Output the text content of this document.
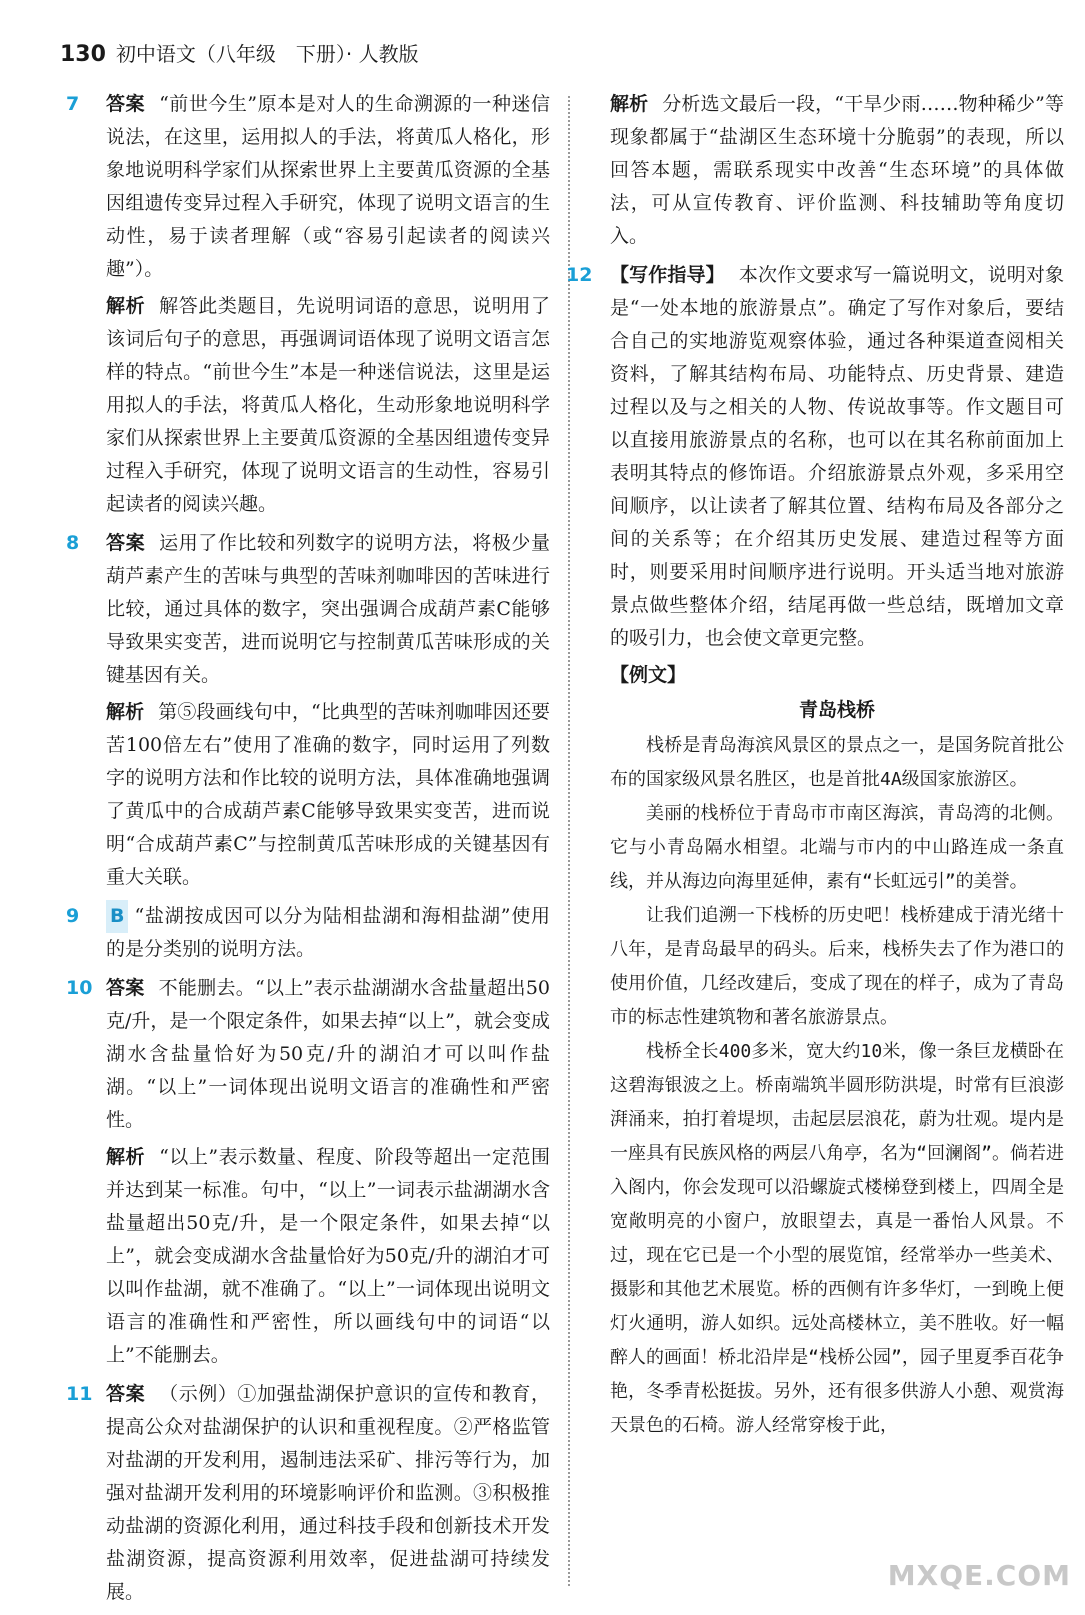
130 初中语文（八年级　下册）· 人教版
7 答案 “前世今生”原本是对人的生命溯源的一种迷信说法，在这里，运用拟人的手法，将黄瓜人格化，形象地说明科学家们从探索世界上主要黄瓜资源的全基因组遗传变异过程入手研究，体现了说明文语言的生动性，易于读者理解（或“容易引起读者的阅读兴趣”）。

解析 解答此类题目，先说明词语的意思，说明用了该词后句子的意思，再强调词语体现了说明文语言怎样的特点。“前世今生”本是一种迷信说法，这里是运用拟人的手法，将黄瓜人格化，生动形象地说明科学家们从探索世界上主要黄瓜资源的全基因组遗传变异过程入手研究，体现了说明文语言的生动性，容易引起读者的阅读兴趣。

8 答案 运用了作比较和列数字的说明方法，将极少量葫芦素产生的苦味与典型的苦味剂咖啡因的苦味进行比较，通过具体的数字，突出强调合成葫芦素C能够导致果实变苦，进而说明它与控制黄瓜苦味形成的关键基因有关。

解析 第⑤段画线句中，“比典型的苦味剂咖啡因还要苦100倍左右”使用了准确的数字，同时运用了列数字的说明方法和作比较的说明方法，具体准确地强调了黄瓜中的合成葫芦素C能够导致果实变苦，进而说明“合成葫芦素C”与控制黄瓜苦味形成的关键基因有重大关联。

9 B “盐湖按成因可以分为陆相盐湖和海相盐湖”使用的是分类别的说明方法。

10 答案 不能删去。“以上”表示盐湖湖水含盐量超出50克/升，是一个限定条件，如果去掉“以上”，就会变成湖水含盐量恰好为50克/升的湖泊才可以叫作盐湖。“以上”一词体现出说明文语言的准确性和严密性。

解析 “以上”表示数量、程度、阶段等超出一定范围并达到某一标准。句中，“以上”一词表示盐湖湖水含盐量超出50克/升，是一个限定条件，如果去掉“以上”，就会变成湖水含盐量恰好为50克/升的湖泊才可以叫作盐湖，就不准确了。“以上”一词体现出说明文语言的准确性和严密性，所以画线句中的词语“以上”不能删去。

11 答案 （示例）①加强盐湖保护意识的宣传和教育，提高公众对盐湖保护的认识和重视程度。②严格监管对盐湖的开发利用，遏制违法采矿、排污等行为，加强对盐湖开发利用的环境影响评价和监测。③积极推动盐湖的资源化利用，通过科技手段和创新技术开发盐湖资源，提高资源利用效率，促进盐湖可持续发展。

解析 分析选文最后一段，“干旱少雨……物种稀少”等现象都属于“盐湖区生态环境十分脆弱”的表现，所以回答本题，需联系现实中改善“生态环境”的具体做法，可从宣传教育、评价监测、科技辅助等角度切入。

12 【写作指导】 本次作文要求写一篇说明文，说明对象是“一处本地的旅游景点”。确定了写作对象后，要结合自己的实地游览观察体验，通过各种渠道查阅相关资料，了解其结构布局、功能特点、历史背景、建造过程以及与之相关的人物、传说故事等。作文题目可以直接用旅游景点的名称，也可以在其名称前面加上表明其特点的修饰语。介绍旅游景点外观，多采用空间顺序，以让读者了解其位置、结构布局及各部分之间的关系等；在介绍其历史发展、建造过程等方面时，则要采用时间顺序进行说明。开头适当地对旅游景点做些整体介绍，结尾再做一些总结，既增加文章的吸引力，也会使文章更完整。

【例文】

青岛栈桥

栈桥是青岛海滨风景区的景点之一，是国务院首批公布的国家级风景名胜区，也是首批4A级国家旅游区。

美丽的栈桥位于青岛市市南区海滨，青岛湾的北侧。它与小青岛隔水相望。北端与市内的中山路连成一条直线，并从海边向海里延伸，素有“长虹远引”的美誉。

让我们追溯一下栈桥的历史吧！栈桥建成于清光绪十八年，是青岛最早的码头。后来，栈桥失去了作为港口的使用价值，几经改建后，变成了现在的样子，成为了青岛市的标志性建筑物和著名旅游景点。

栈桥全长400多米，宽大约10米，像一条巨龙横卧在这碧海银波之上。桥南端筑半圆形防洪堤，时常有巨浪澎湃涌来，拍打着堤坝，击起层层浪花，蔚为壮观。堤内是一座具有民族风格的两层八角亭，名为“回澜阁”。倘若进入阁内，你会发现可以沿螺旋式楼梯登到楼上，四周全是宽敞明亮的小窗户，放眼望去，真是一番怡人风景。不过，现在它已是一个小型的展览馆，经常举办一些美术、摄影和其他艺术展览。桥的西侧有许多华灯，一到晚上便灯火通明，游人如织。远处高楼林立，美不胜收。好一幅醉人的画面！桥北沿岸是“栈桥公园”，园子里夏季百花争艳，冬季青松挺拔。另外，还有很多供游人小憩、观赏海天景色的石椅。游人经常穿梭于此，

MXQE.COM
